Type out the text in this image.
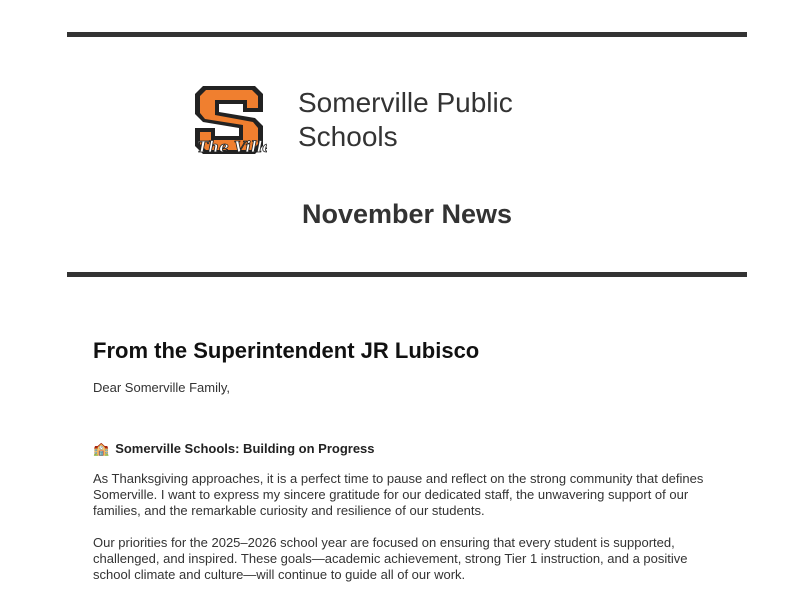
The Ville
Somerville Public Schools
November News
From the Superintendent JR Lubisco

Dear Somerville Family,

🏫 Somerville Schools: Building on Progress

As Thanksgiving approaches, it is a perfect time to pause and reflect on the strong community that defines Somerville. I want to express my sincere gratitude for our dedicated staff, the unwavering support of our families, and the remarkable curiosity and resilience of our students.

Our priorities for the 2025–2026 school year are focused on ensuring that every student is supported, challenged, and inspired. These goals—academic achievement, strong Tier 1 instruction, and a positive school climate and culture—will continue to guide all of our work.
